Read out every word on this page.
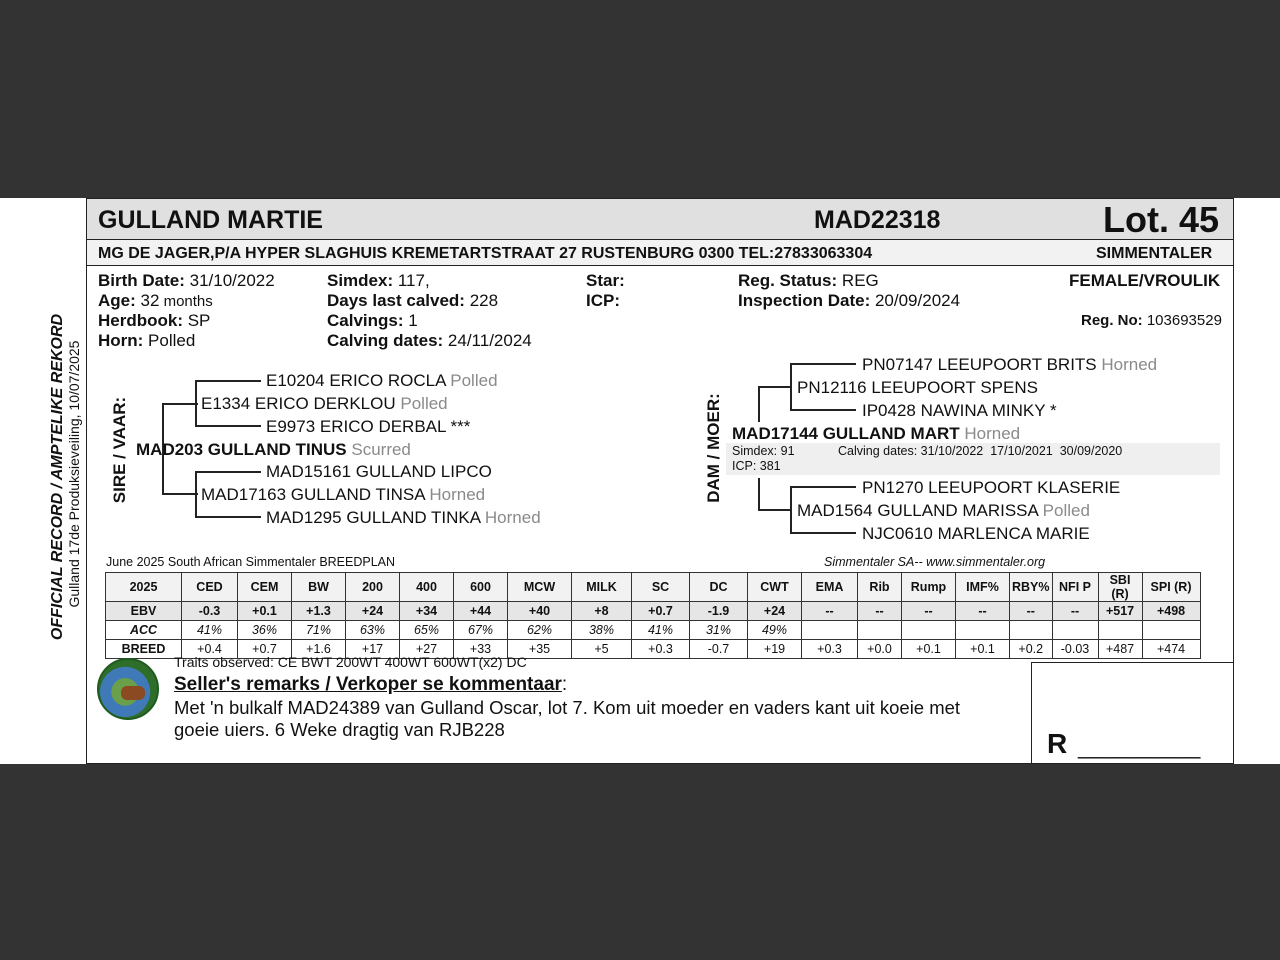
GULLAND MARTIE	MAD22318	Lot. 45
MG DE JAGER,P/A HYPER SLAGHUIS KREMETARTSTRAAT 27 RUSTENBURG 0300 TEL:27833063304	SIMMENTALER
Birth Date: 31/10/2022
Age: 32 months
Herdbook: SP
Horn: Polled
Simdex: 117,
Days last calved: 228
Calvings: 1
Calving dates: 24/11/2024
Star:
ICP:
Reg. Status: REG
Inspection Date: 20/09/2024
FEMALE/VROULIK
Reg. No: 103693529
SIRE / VAAR:
E10204 ERICO ROCLA Polled
E1334 ERICO DERKLOU Polled
E9973 ERICO DERBAL ***
MAD203 GULLAND TINUS Scurred
MAD15161 GULLAND LIPCO
MAD17163 GULLAND TINSA Horned
MAD1295 GULLAND TINKA Horned
DAM / MOER:
PN07147 LEEUPOORT BRITS Horned
PN12116 LEEUPOORT SPENS
IP0428 NAWINA MINKY *
MAD17144 GULLAND MART Horned
Simdex: 91	Calving dates: 31/10/2022  17/10/2021  30/09/2020
ICP: 381
PN1270 LEEUPOORT KLASERIE
MAD1564 GULLAND MARISSA Polled
NJC0610 MARLENCA MARIE
June 2025 South African Simmentaler BREEDPLAN	Simmentaler SA-- www.simmentaler.org
2025	CED	CEM	BW	200	400	600	MCW	MILK	SC	DC	CWT	EMA	Rib	Rump	IMF%	RBY%	NFI P	SBI (R)	SPI (R)
EBV	-0.3	+0.1	+1.3	+24	+34	+44	+40	+8	+0.7	-1.9	+24	--	--	--	--	--	--	+517	+498
ACC	41%	36%	71%	63%	65%	67%	62%	38%	41%	31%	49%								
BREED	+0.4	+0.7	+1.6	+17	+27	+33	+35	+5	+0.3	-0.7	+19	+0.3	+0.0	+0.1	+0.1	+0.2	-0.03	+487	+474
Traits observed: CE BWT 200WT 400WT 600WT(x2) DC
Seller's remarks / Verkoper se kommentaar:
Met 'n bulkalf MAD24389 van Gulland Oscar, lot 7. Kom uit moeder en vaders kant uit koeie met
goeie uiers. 6 Weke dragtig van RJB228	R __________
OFFICIAL RECORD / AMPTELIKE REKORD Gulland 17de Produksieveiling, 10/07/2025
